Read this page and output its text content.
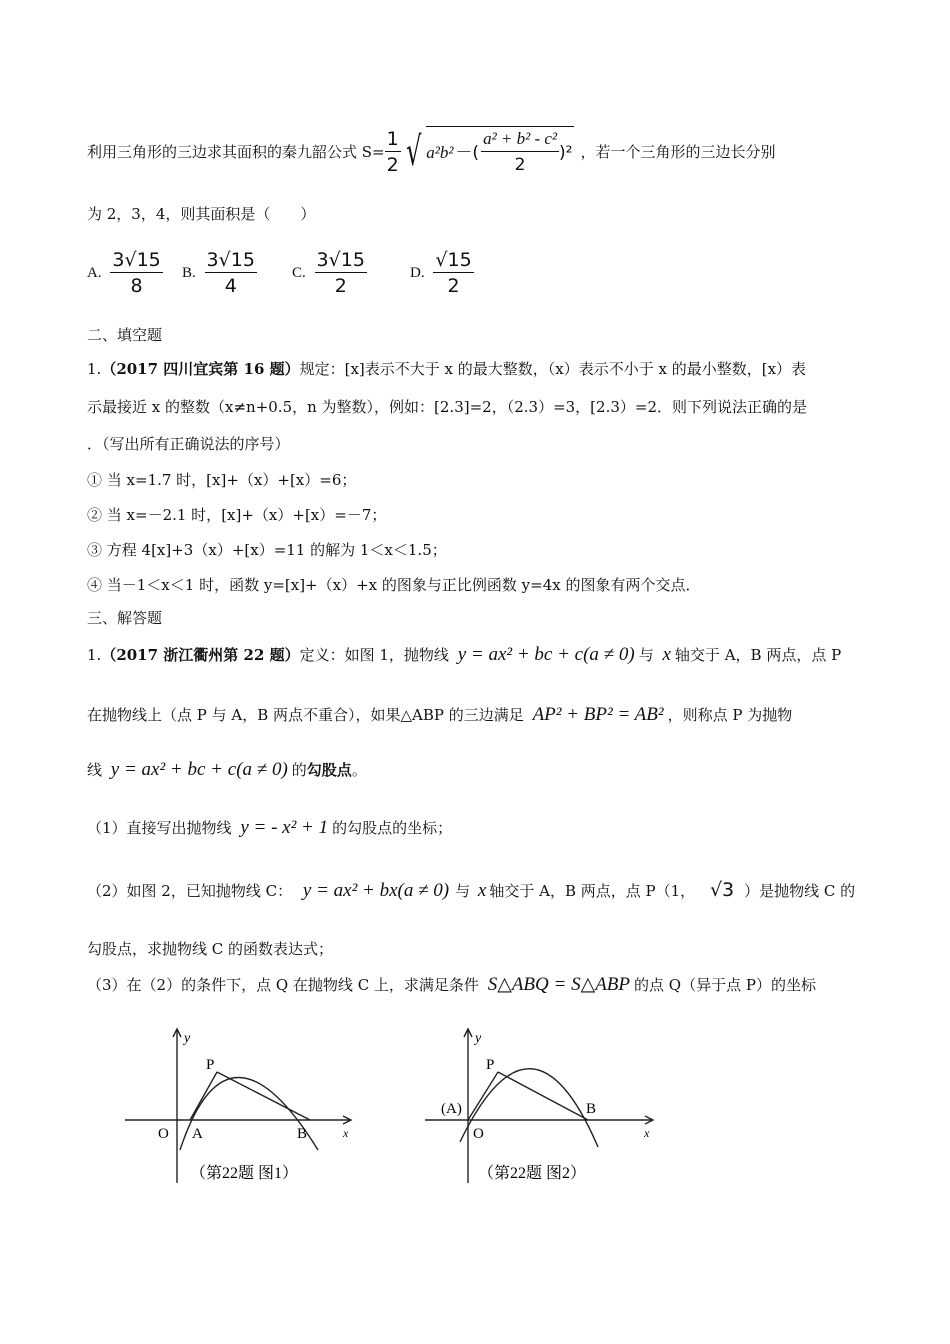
利用三角形的三边求其面积的秦九韶公式 $S= \frac{1}{2}$ √ a²b² －( $\frac{\text{a² + b² - c²}}{2} )^2$ ，若一个三角形的三边长分别
为 2，3，4，则其面积是（　　）
A. $\frac{3√15}{8} B$. $\frac{3√15}{4} C$. $\frac{3√15}{2}$	D. $\frac{√15}{2}$
二、填空题
1.（2017 四川宜宾第 16 题）规定：[x]表示不大于 x 的最大整数，（x）表示不小于 x 的最小整数，[x）表
示最接近 x 的整数（x≠n+0.5，n 为整数），例如：[2.3]=2，（2.3）=3，[2.3）=2．则下列说法正确的是
．（写出所有正确说法的序号）
① 当 x=1.7 时，[x]+（x）+[x）=6；
② 当 x=－2.1 时，[x]+（x）+[x）=－7；
③ 方程 4[x]+3（x）+[x）=11 的解为 1＜x＜1.5；
④ 当－1＜x＜1 时，函数 y=[x]+（x）+x 的图象与正比例函数 y=4x 的图象有两个交点．
三、解答题
1.（2017 浙江衢州第 22 题）定义：如图 1，抛物线 y = ax² + bc + c(a ≠ 0) 与 x 轴交于 A，B 两点，点 P
在抛物线上（点 P 与 A，B 两点不重合），如果△ABP 的三边满足 AP² + BP² = AB² ，则称点 P 为抛物
线 y = ax² + bc + c(a ≠ 0) 的勾股点。
（1）直接写出抛物线 y = - x² + 1 的勾股点的坐标；
（2）如图 2，已知抛物线 C： y = ax² + bx(a ≠ 0) 与 x 轴交于 A，B 两点，点 P（1， √3 ）是抛物线 C 的
勾股点，求抛物线 C 的函数表达式；
（3）在（2）的条件下，点 Q 在抛物线 C 上，求满足条件 S△ABQ = S△ABP 的点 Q（异于点 P）的坐标
y
x
P
O A	B
（第22题 图1）
y
x
P
(A)
O
B
（第22题 图2）
